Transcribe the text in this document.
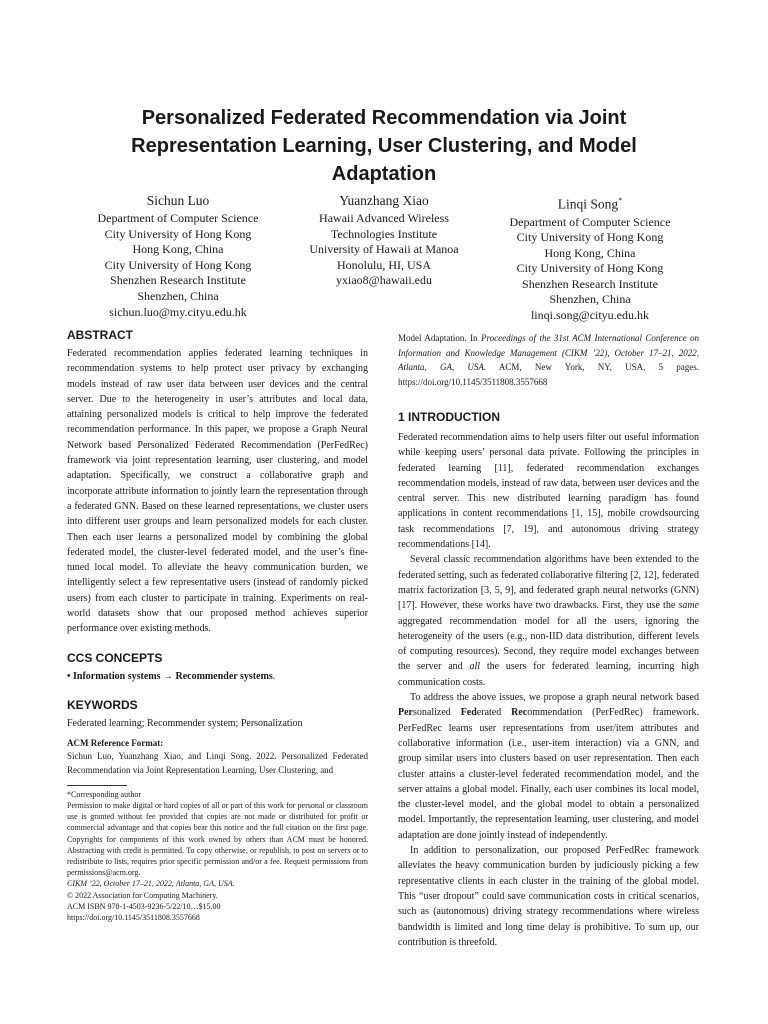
Personalized Federated Recommendation via Joint
Representation Learning, User Clustering, and Model
Adaptation
Sichun Luo
Department of Computer Science
City University of Hong Kong
Hong Kong, China
City University of Hong Kong
Shenzhen Research Institute
Shenzhen, China
sichun.luo@my.cityu.edu.hk
Yuanzhang Xiao
Hawaii Advanced Wireless
Technologies Institute
University of Hawaii at Manoa
Honolulu, HI, USA
yxiao8@hawaii.edu
Linqi Song*
Department of Computer Science
City University of Hong Kong
Hong Kong, China
City University of Hong Kong
Shenzhen Research Institute
Shenzhen, China
linqi.song@cityu.edu.hk
ABSTRACT

Federated recommendation applies federated learning techniques in recommendation systems to help protect user privacy by exchanging models instead of raw user data between user devices and the central server. Due to the heterogeneity in user’s attributes and local data, attaining personalized models is critical to help improve the federated recommendation performance. In this paper, we propose a Graph Neural Network based Personalized Federated Recommendation (PerFedRec) framework via joint representation learning, user clustering, and model adaptation. Specifically, we construct a collaborative graph and incorporate attribute information to jointly learn the representation through a federated GNN. Based on these learned representations, we cluster users into different user groups and learn personalized models for each cluster. Then each user learns a personalized model by combining the global federated model, the cluster-level federated model, and the user’s fine-tuned local model. To alleviate the heavy communication burden, we intelligently select a few representative users (instead of randomly picked users) from each cluster to participate in training. Experiments on real-world datasets show that our proposed method achieves superior performance over existing methods.

CCS CONCEPTS

• Information systems → Recommender systems.

KEYWORDS

Federated learning; Recommender system; Personalization

ACM Reference Format:

Sichun Luo, Yuanzhang Xiao, and Linqi Song. 2022. Personalized Federated Recommendation via Joint Representation Learning, User Clustering, and

*Corresponding author

Permission to make digital or hard copies of all or part of this work for personal or classroom use is granted without fee provided that copies are not made or distributed for profit or commercial advantage and that copies bear this notice and the full citation on the first page. Copyrights for components of this work owned by others than ACM must be honored. Abstracting with credit is permitted. To copy otherwise, or republish, to post on servers or to redistribute to lists, requires prior specific permission and/or a fee. Request permissions from permissions@acm.org.

CIKM ’22, October 17–21, 2022, Atlanta, GA, USA.
© 2022 Association for Computing Machinery.
ACM ISBN 978-1-4503-9236-5/22/10…$15.00
https://doi.org/10.1145/3511808.3557668

Model Adaptation. In Proceedings of the 31st ACM International Conference on Information and Knowledge Management (CIKM ’22), October 17–21, 2022, Atlanta, GA, USA. ACM, New York, NY, USA, 5 pages. https://doi.org/10.1145/3511808.3557668

1 INTRODUCTION

Federated recommendation aims to help users filter out useful information while keeping users’ personal data private. Following the principles in federated learning [11], federated recommendation exchanges recommendation models, instead of raw data, between user devices and the central server. This new distributed learning paradigm has found applications in content recommendations [1, 15], mobile crowdsourcing task recommendations [7, 19], and autonomous driving strategy recommendations [14].

Several classic recommendation algorithms have been extended to the federated setting, such as federated collaborative filtering [2, 12], federated matrix factorization [3, 5, 9], and federated graph neural networks (GNN) [17]. However, these works have two drawbacks. First, they use the same aggregated recommendation model for all the users, ignoring the heterogeneity of the users (e.g., non-IID data distribution, different levels of computing resources). Second, they require model exchanges between the server and all the users for federated learning, incurring high communication costs.

To address the above issues, we propose a graph neural network based Personalized Federated Recommendation (PerFedRec) framework. PerFedRec learns user representations from user/item attributes and collaborative information (i.e., user-item interaction) via a GNN, and group similar users into clusters based on user representation. Then each cluster attains a cluster-level federated recommendation model, and the server attains a global model. Finally, each user combines its local model, the cluster-level model, and the global model to obtain a personalized model. Importantly, the representation learning, user clustering, and model adaptation are done jointly instead of independently.

In addition to personalization, our proposed PerFedRec framework alleviates the heavy communication burden by judiciously picking a few representative clients in each cluster in the training of the global model. This “user dropout” could save communication costs in critical scenarios, such as (autonomous) driving strategy recommendations where wireless bandwidth is limited and long time delay is prohibitive. To sum up, our contribution is threefold.
